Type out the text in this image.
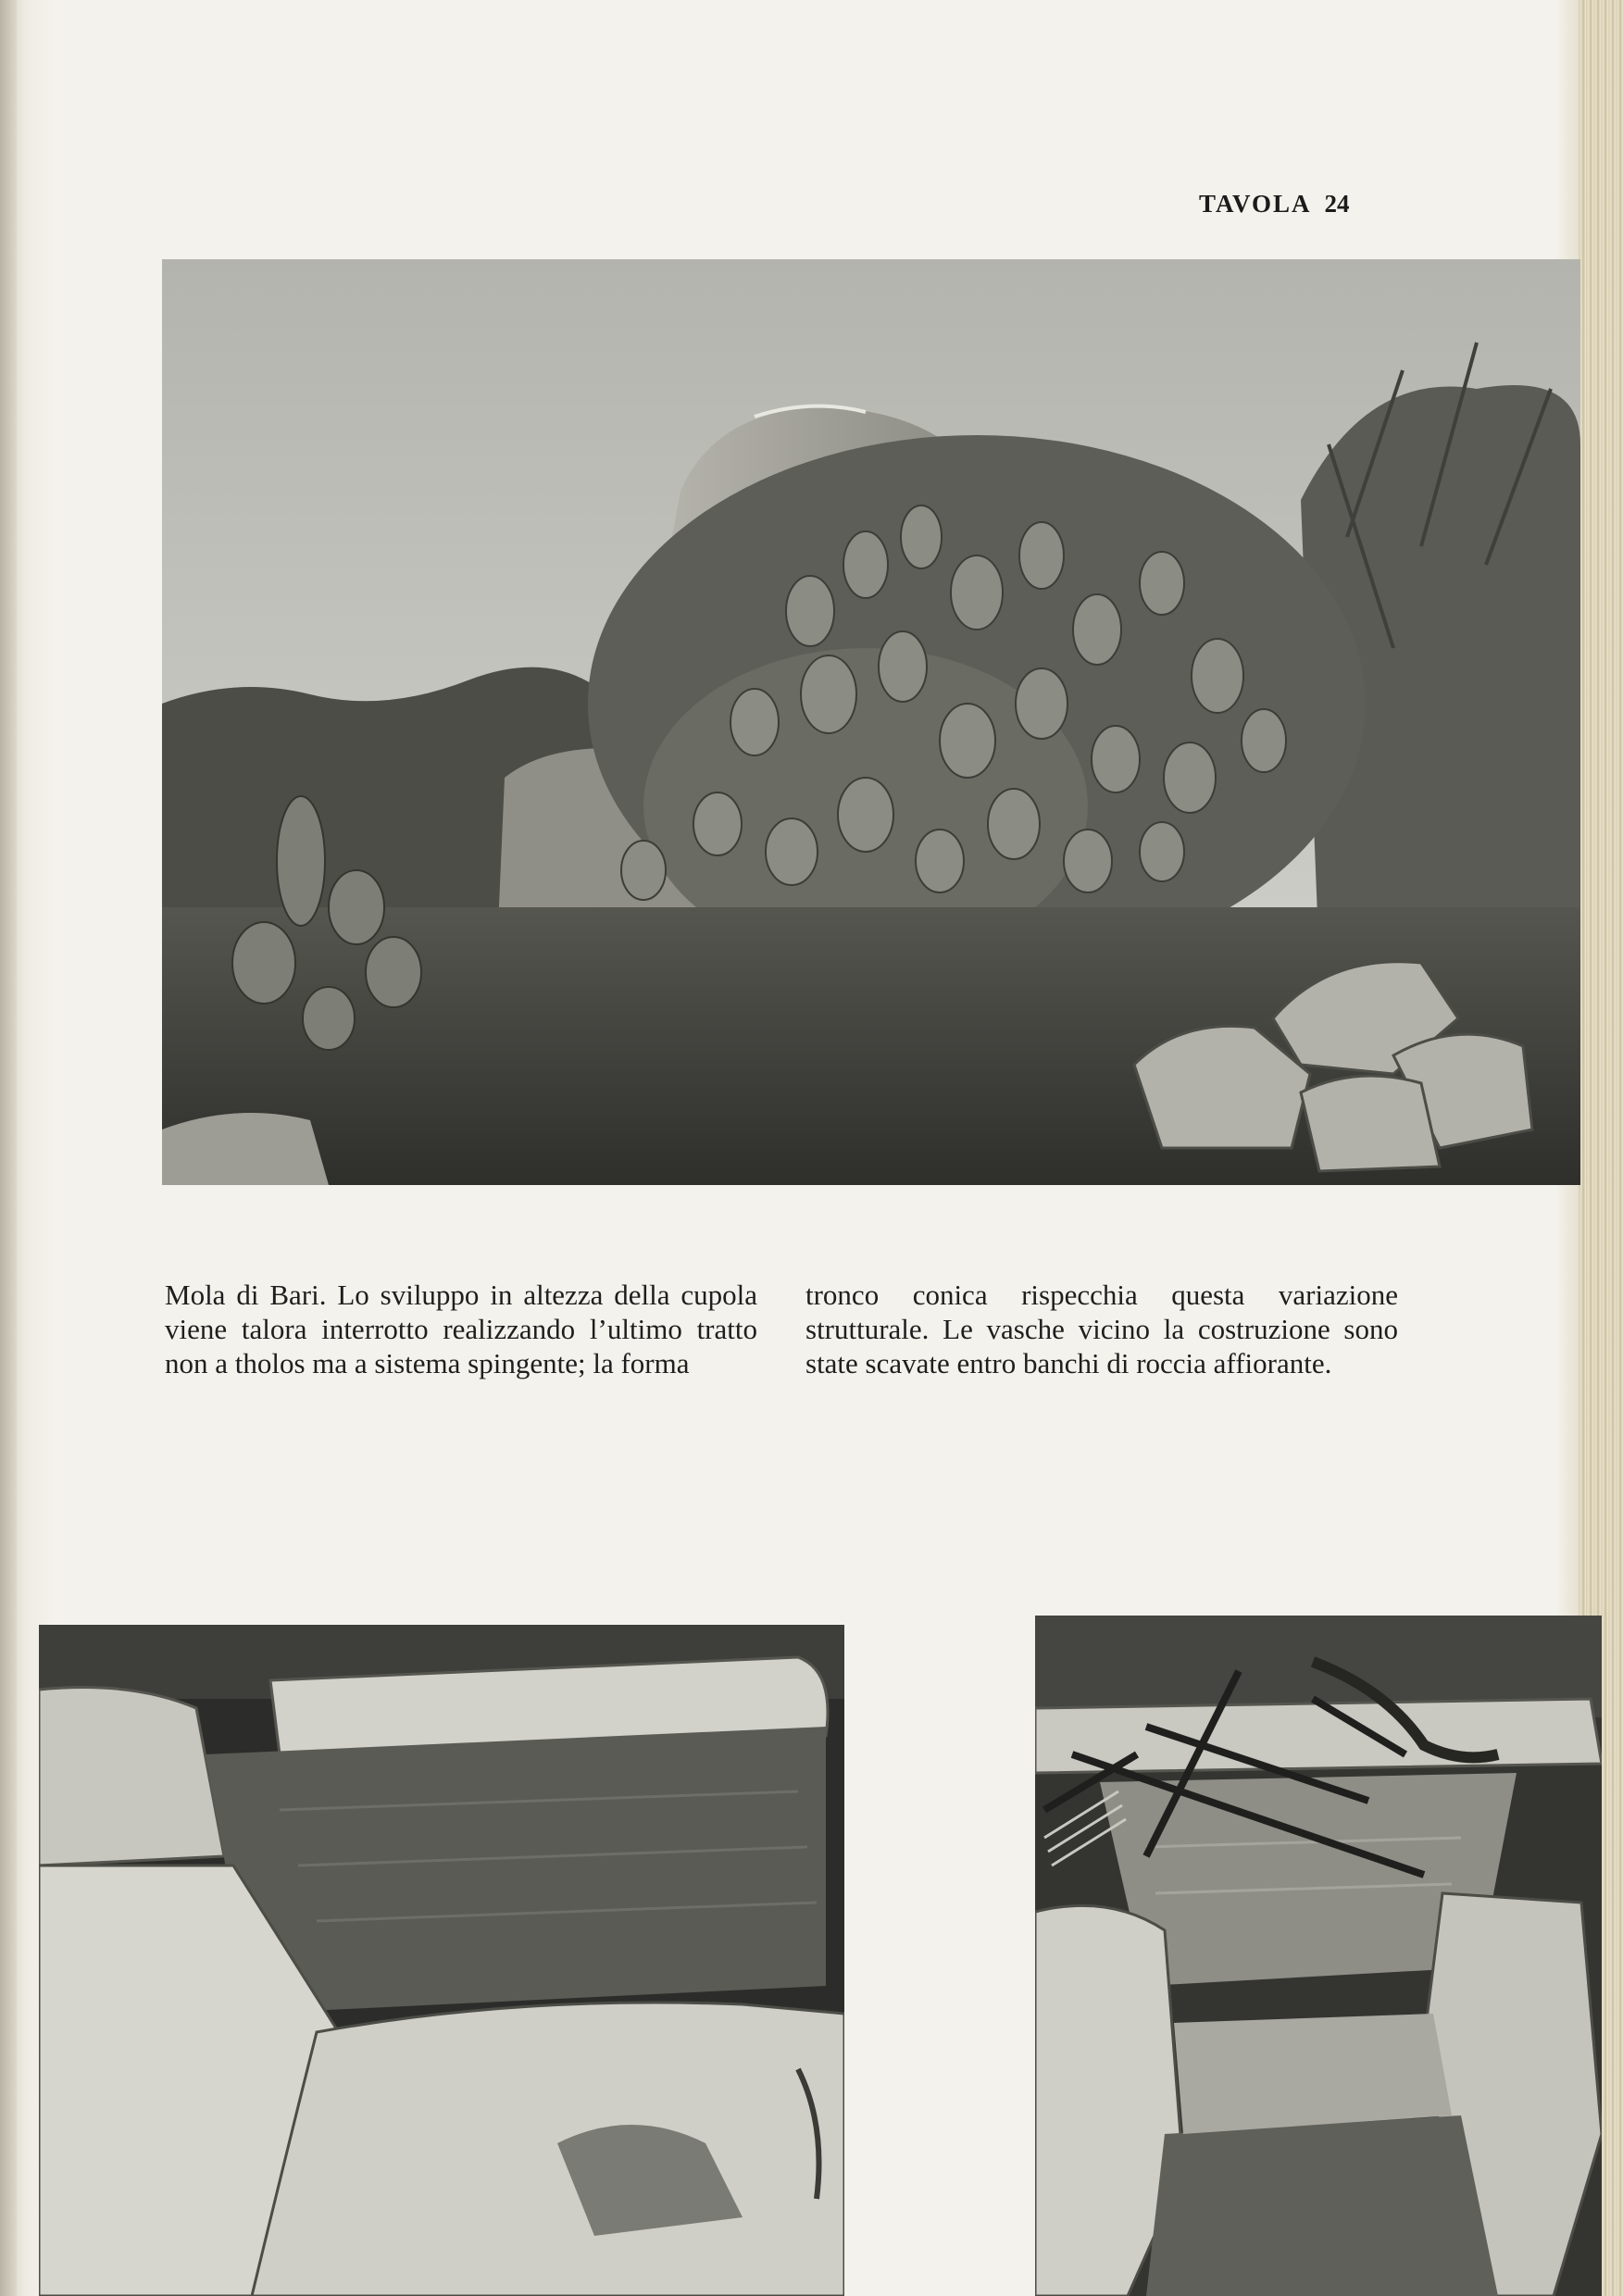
TAVOLA 24
Mola di Bari. Lo sviluppo in altezza della cupola viene talora interrotto realizzando l’ultimo tratto non a tholos ma a sistema spingente; la forma
tronco conica rispecchia questa variazione strutturale. Le vasche vicino la costruzione sono state scavate entro banchi di roccia affiorante.
